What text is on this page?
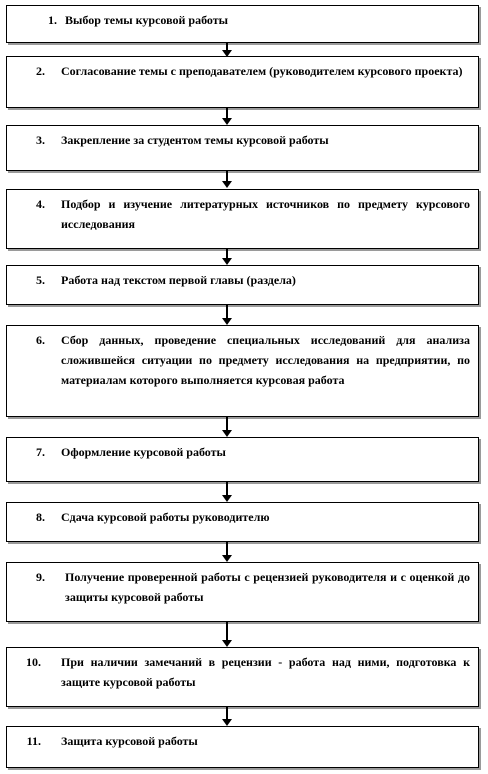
1. Выбор темы курсовой работы
2. Согласование темы с преподавателем (руководителем курсового проекта)
3. Закрепление за студентом темы курсовой работы
4. Подбор и изучение литературных источников по предмету курсового исследования
5. Работа над текстом первой главы (раздела)
6. Сбор данных, проведение специальных исследований для анализа сложившейся ситуации по предмету исследования на предприятии, по материалам которого выполняется курсовая работа
7. Оформление курсовой работы
8. Сдача курсовой работы руководителю
9. Получение проверенной работы с рецензией руководителя и с оценкой до защиты курсовой работы
10. При наличии замечаний в рецензии - работа над ними, подготовка к защите курсовой работы
11. Защита курсовой работы
